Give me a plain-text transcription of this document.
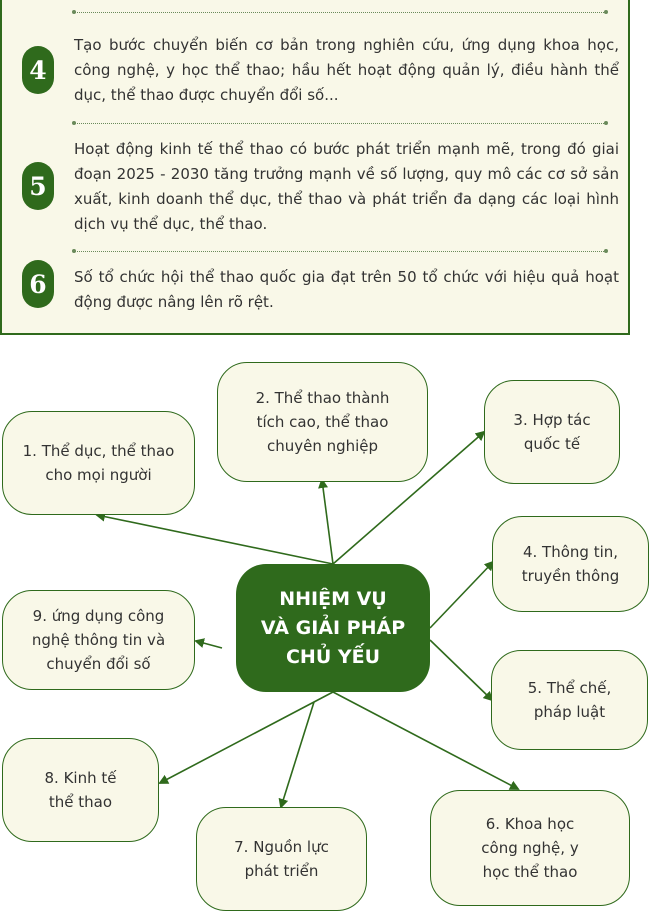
4
Tạo bước chuyển biến cơ bản trong nghiên cứu, ứng dụng khoa học, công nghệ, y học thể thao; hầu hết hoạt động quản lý, điều hành thể dục, thể thao được chuyển đổi số...
5
Hoạt động kinh tế thể thao có bước phát triển mạnh mẽ, trong đó giai đoạn 2025 - 2030 tăng trưởng mạnh về số lượng, quy mô các cơ sở sản xuất, kinh doanh thể dục, thể thao và phát triển đa dạng các loại hình dịch vụ thể dục, thể thao.
6	Số tổ chức hội thể thao quốc gia đạt trên 50 tổ chức với hiệu quả hoạt động được nâng lên rõ rệt.
NHIỆM VỤ
VÀ GIẢI PHÁP
CHỦ YẾU
1. Thể dục, thể thao
cho mọi người
2. Thể thao thành
tích cao, thể thao
chuyên nghiệp
3. Hợp tác
quốc tế
4. Thông tin,
truyền thông
5. Thể chế,
pháp luật
6. Khoa học
công nghệ, y
học thể thao
7. Nguồn lực
phát triển
8. Kinh tế
thể thao
9. ứng dụng công
nghệ thông tin và
chuyển đổi số
